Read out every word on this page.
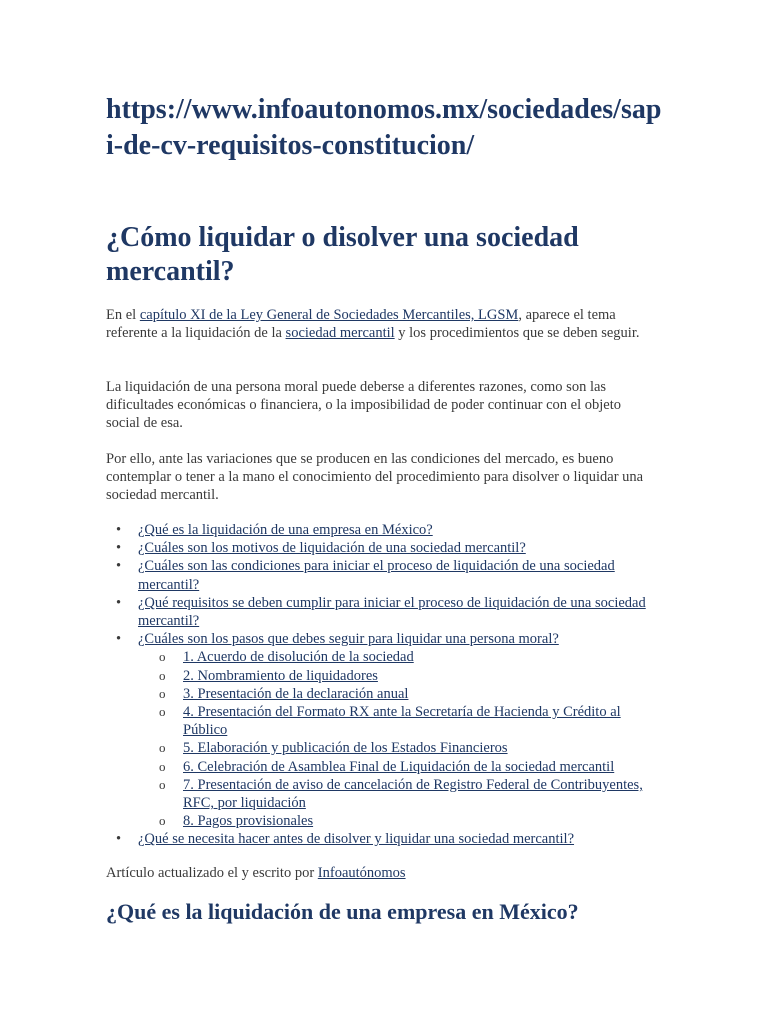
https://www.infoautonomos.mx/sociedades/sapi-de-cv-requisitos-constitucion/
¿Cómo liquidar o disolver una sociedad mercantil?

En el capítulo XI de la Ley General de Sociedades Mercantiles, LGSM, aparece el tema referente a la liquidación de la sociedad mercantil y los procedimientos que se deben seguir.

La liquidación de una persona moral puede deberse a diferentes razones, como son las dificultades económicas o financiera, o la imposibilidad de poder continuar con el objeto social de esa.

Por ello, ante las variaciones que se producen en las condiciones del mercado, es bueno contemplar o tener a la mano el conocimiento del procedimiento para disolver o liquidar una sociedad mercantil.

• ¿Qué es la liquidación de una empresa en México?
• ¿Cuáles son los motivos de liquidación de una sociedad mercantil?
• ¿Cuáles son las condiciones para iniciar el proceso de liquidación de una sociedad mercantil?
• ¿Qué requisitos se deben cumplir para iniciar el proceso de liquidación de una sociedad mercantil?
• ¿Cuáles son los pasos que debes seguir para liquidar una persona moral?
o 1. Acuerdo de disolución de la sociedad
o 2. Nombramiento de liquidadores
o 3. Presentación de la declaración anual
o 4. Presentación del Formato RX ante la Secretaría de Hacienda y Crédito al Público
o 5. Elaboración y publicación de los Estados Financieros
o 6. Celebración de Asamblea Final de Liquidación de la sociedad mercantil
o 7. Presentación de aviso de cancelación de Registro Federal de Contribuyentes, RFC, por liquidación
o 8. Pagos provisionales
• ¿Qué se necesita hacer antes de disolver y liquidar una sociedad mercantil?

Artículo actualizado el y escrito por Infoautónomos

¿Qué es la liquidación de una empresa en México?
